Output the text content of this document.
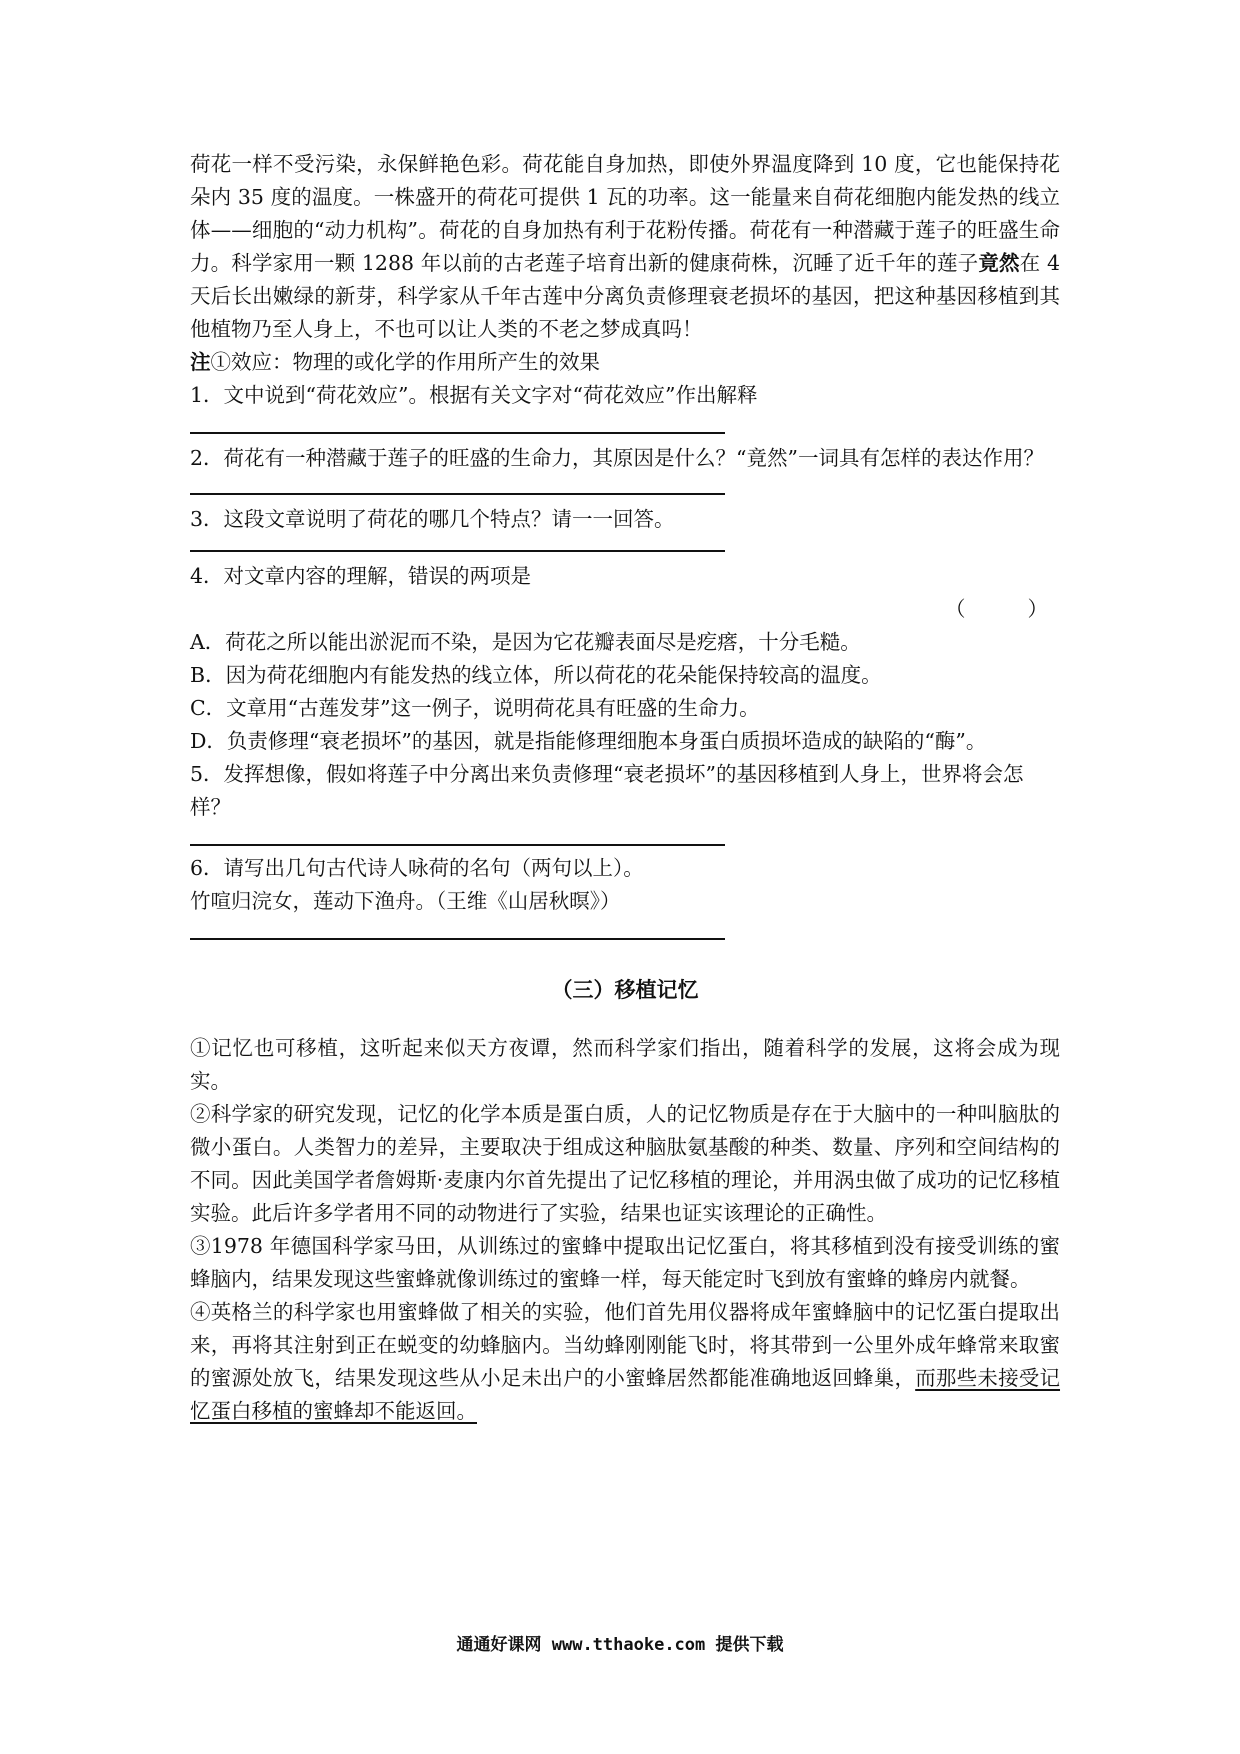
荷花一样不受污染，永保鲜艳色彩。荷花能自身加热，即使外界温度降到 10 度，它也能保持花朵内 35 度的温度。一株盛开的荷花可提供 1 瓦的功率。这一能量来自荷花细胞内能发热的线立体——细胞的“动力机构”。荷花的自身加热有利于花粉传播。荷花有一种潜藏于莲子的旺盛生命力。科学家用一颗 1288 年以前的古老莲子培育出新的健康荷株，沉睡了近千年的莲子竟然在 4 天后长出嫩绿的新芽，科学家从千年古莲中分离负责修理衰老损坏的基因，把这种基因移植到其他植物乃至人身上，不也可以让人类的不老之梦成真吗！

注①效应：物理的或化学的作用所产生的效果

1．文中说到“荷花效应”。根据有关文字对“荷花效应”作出解释

2．荷花有一种潜藏于莲子的旺盛的生命力，其原因是什么？“竟然”一词具有怎样的表达作用？

3．这段文章说明了荷花的哪几个特点？请一一回答。

4．对文章内容的理解，错误的两项是

（	）

A．荷花之所以能出淤泥而不染，是因为它花瓣表面尽是疙瘩，十分毛糙。

B．因为荷花细胞内有能发热的线立体，所以荷花的花朵能保持较高的温度。

C．文章用“古莲发芽”这一例子，说明荷花具有旺盛的生命力。

D．负责修理“衰老损坏”的基因，就是指能修理细胞本身蛋白质损坏造成的缺陷的“酶”。

5．发挥想像，假如将莲子中分离出来负责修理“衰老损坏”的基因移植到人身上，世界将会怎样？

6．请写出几句古代诗人咏荷的名句（两句以上）。

竹喧归浣女，莲动下渔舟。（王维《山居秋暝》）

（三）移植记忆

①记忆也可移植，这听起来似天方夜谭，然而科学家们指出，随着科学的发展，这将会成为现实。

②科学家的研究发现，记忆的化学本质是蛋白质，人的记忆物质是存在于大脑中的一种叫脑肽的微小蛋白。人类智力的差异，主要取决于组成这种脑肽氨基酸的种类、数量、序列和空间结构的不同。因此美国学者詹姆斯·麦康内尔首先提出了记忆移植的理论，并用涡虫做了成功的记忆移植实验。此后许多学者用不同的动物进行了实验，结果也证实该理论的正确性。

③1978 年德国科学家马田，从训练过的蜜蜂中提取出记忆蛋白，将其移植到没有接受训练的蜜蜂脑内，结果发现这些蜜蜂就像训练过的蜜蜂一样，每天能定时飞到放有蜜蜂的蜂房内就餐。

④英格兰的科学家也用蜜蜂做了相关的实验，他们首先用仪器将成年蜜蜂脑中的记忆蛋白提取出来，再将其注射到正在蜕变的幼蜂脑内。当幼蜂刚刚能飞时，将其带到一公里外成年蜂常来取蜜的蜜源处放飞，结果发现这些从小足未出户的小蜜蜂居然都能准确地返回蜂巢，而那些未接受记忆蛋白移植的蜜蜂却不能返回。

通通好课网 www.tthaoke.com 提供下载
